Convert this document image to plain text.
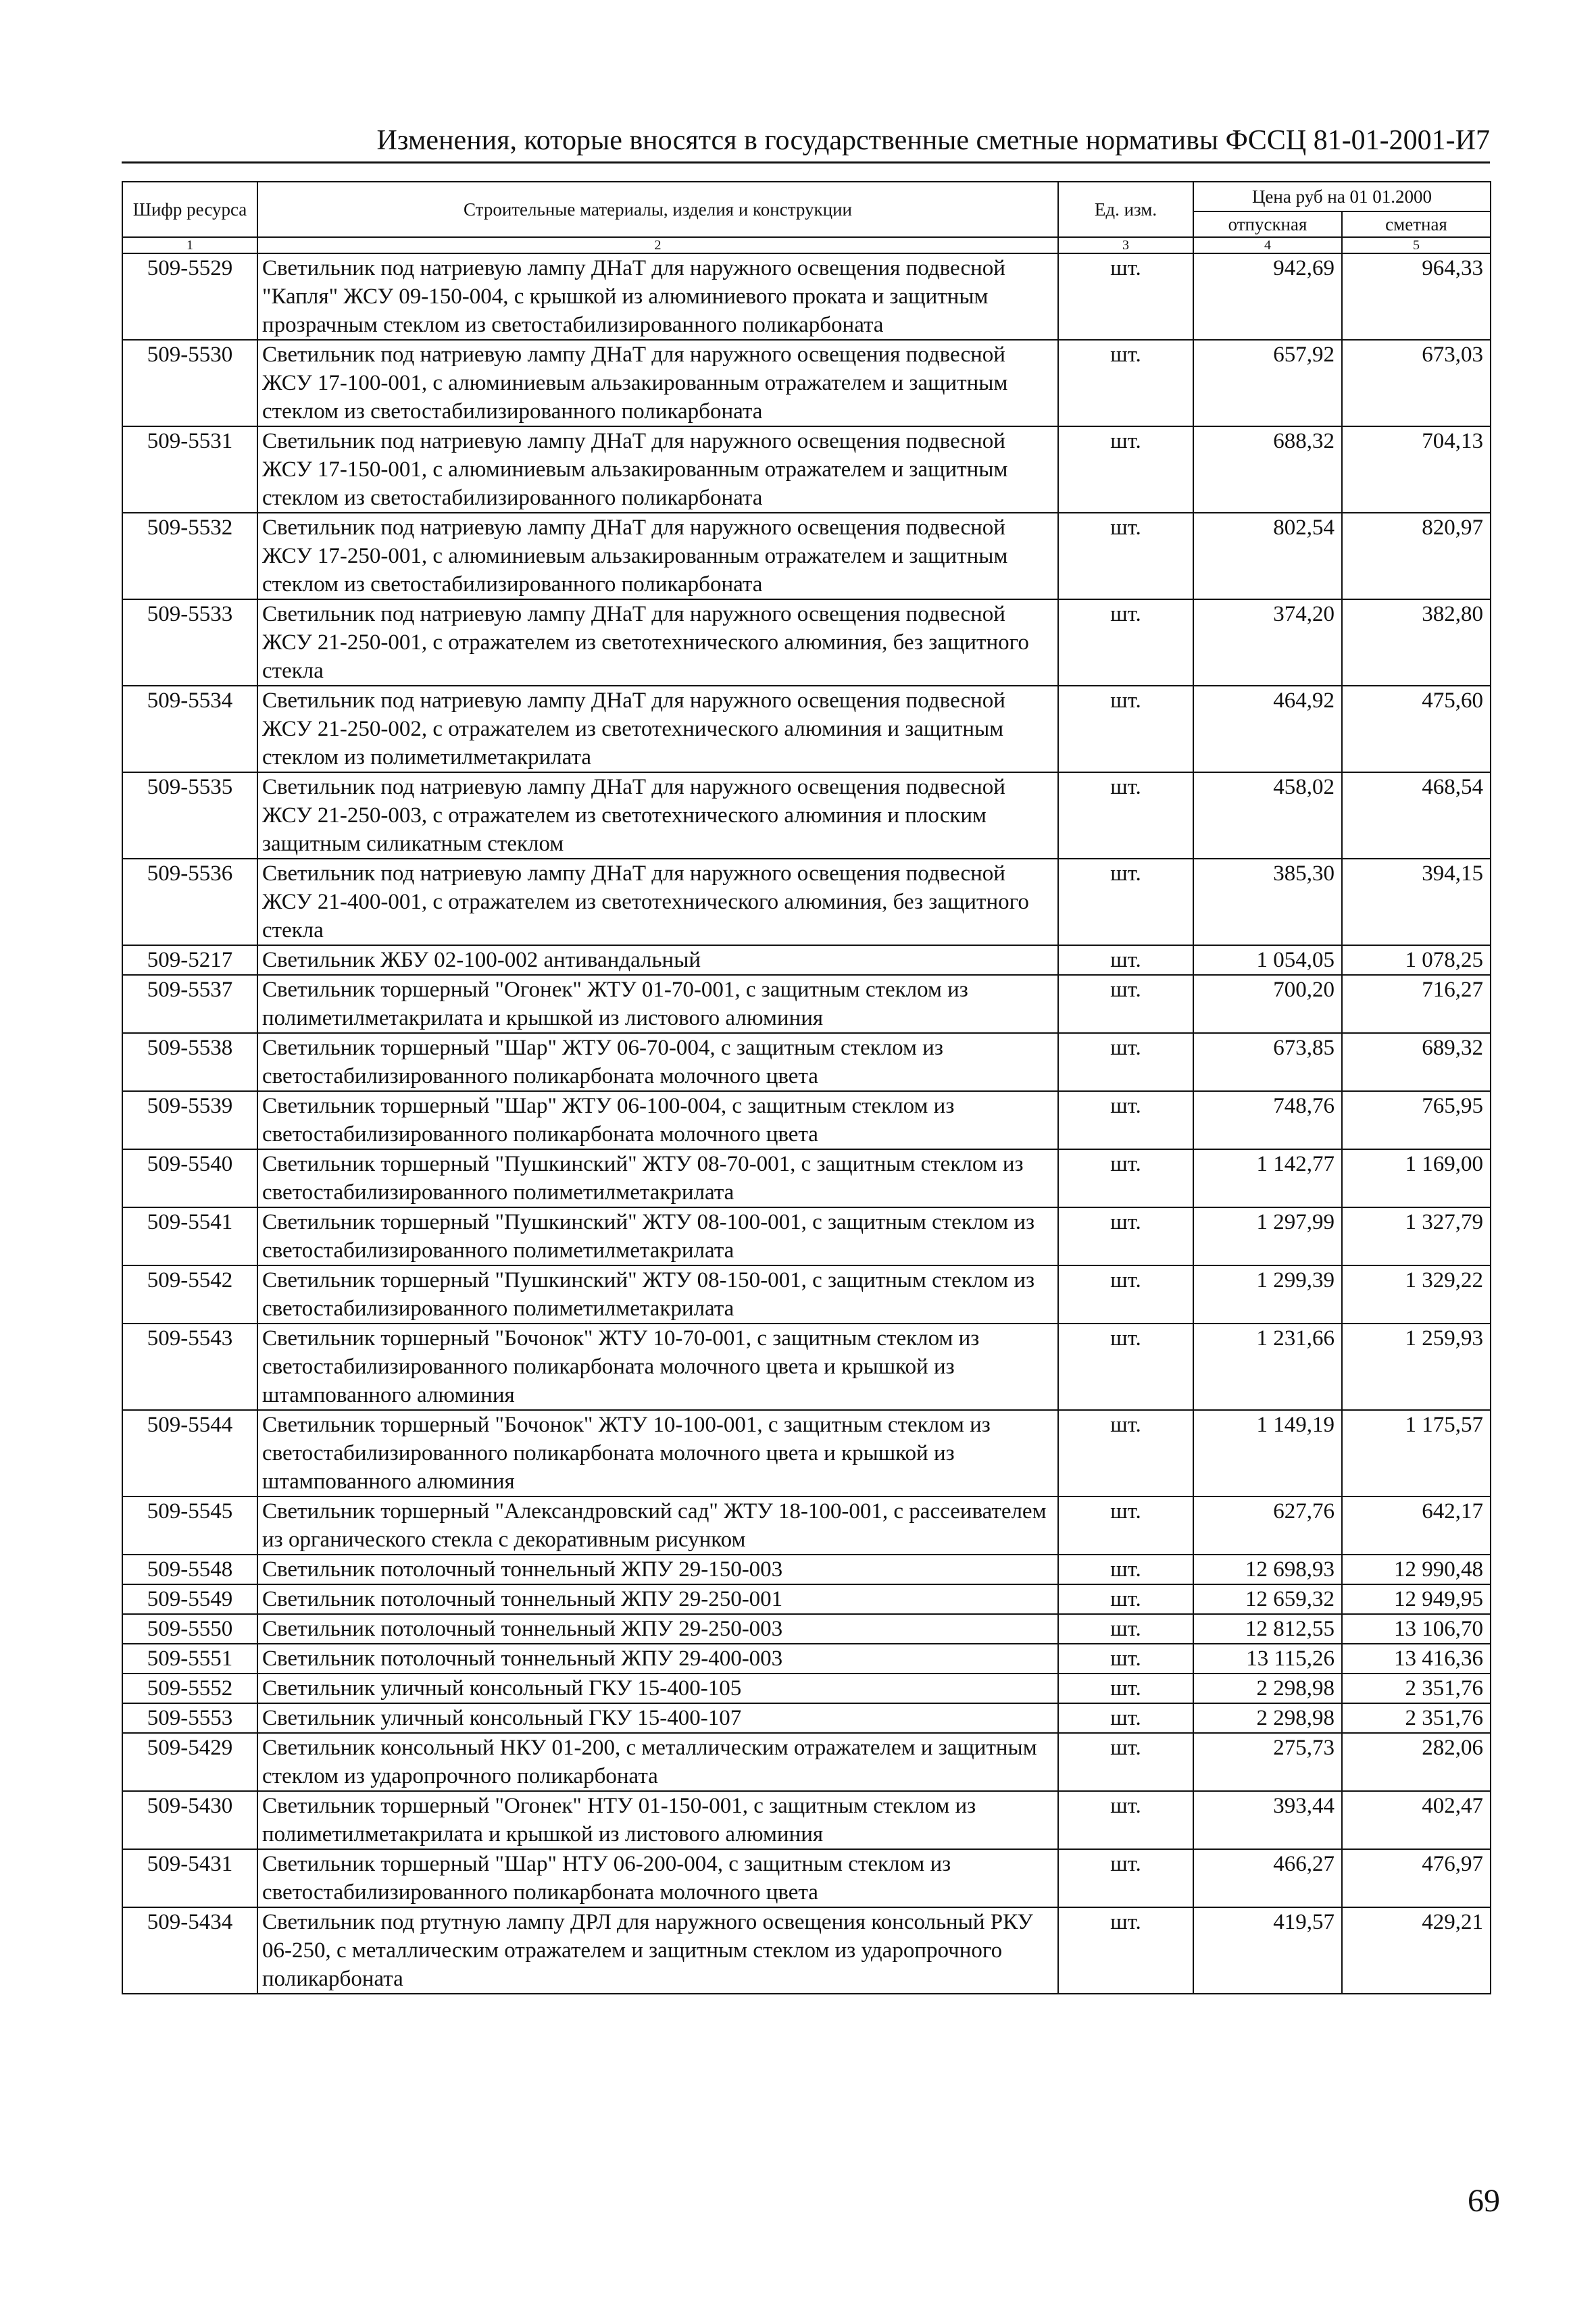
Изменения, которые вносятся в государственные сметные нормативы ФССЦ 81-01-2001-И7
Шифр ресурса	Строительные материалы, изделия и конструкции	Ед. изм.	Цена руб на 01 01.2000	
			отпускная	сметная
1	2	3	4	5
509-5529	Светильник под натриевую лампу ДНаТ для наружного освещения подвесной "Капля" ЖСУ 09-150-004, с крышкой из алюминиевого проката и защитным прозрачным стеклом из светостабилизированного поликарбоната	шт.	942,69	964,33
509-5530	Светильник под натриевую лампу ДНаТ для наружного освещения подвесной ЖСУ 17-100-001, с алюминиевым альзакированным отражателем и защитным стеклом из светостабилизированного поликарбоната	шт.	657,92	673,03
509-5531	Светильник под натриевую лампу ДНаТ для наружного освещения подвесной ЖСУ 17-150-001, с алюминиевым альзакированным отражателем и защитным стеклом из светостабилизированного поликарбоната	шт.	688,32	704,13
509-5532	Светильник под натриевую лампу ДНаТ для наружного освещения подвесной ЖСУ 17-250-001, с алюминиевым альзакированным отражателем и защитным стеклом из светостабилизированного поликарбоната	шт.	802,54	820,97
509-5533	Светильник под натриевую лампу ДНаТ для наружного освещения подвесной ЖСУ 21-250-001, с отражателем из светотехнического алюминия, без защитного стекла	шт.	374,20	382,80
509-5534	Светильник под натриевую лампу ДНаТ для наружного освещения подвесной ЖСУ 21-250-002, с отражателем из светотехнического алюминия и защитным стеклом из полиметилметакрилата	шт.	464,92	475,60
509-5535	Светильник под натриевую лампу ДНаТ для наружного освещения подвесной ЖСУ 21-250-003, с отражателем из светотехнического алюминия и плоским защитным силикатным стеклом	шт.	458,02	468,54
509-5536	Светильник под натриевую лампу ДНаТ для наружного освещения подвесной ЖСУ 21-400-001, с отражателем из светотехнического алюминия, без защитного стекла	шт.	385,30	394,15
509-5217	Светильник ЖБУ 02-100-002 антивандальный	шт.	1 054,05	1 078,25
509-5537	Светильник торшерный "Огонек" ЖТУ 01-70-001, с защитным стеклом из полиметилметакрилата и крышкой из листового алюминия	шт.	700,20	716,27
509-5538	Светильник торшерный "Шар" ЖТУ 06-70-004, с защитным стеклом из светостабилизированного поликарбоната молочного цвета	шт.	673,85	689,32
509-5539	Светильник торшерный "Шар" ЖТУ 06-100-004, с защитным стеклом из светостабилизированного поликарбоната молочного цвета	шт.	748,76	765,95
509-5540	Светильник торшерный "Пушкинский" ЖТУ 08-70-001, с защитным стеклом из светостабилизированного полиметилметакрилата	шт.	1 142,77	1 169,00
509-5541	Светильник торшерный "Пушкинский" ЖТУ 08-100-001, с защитным стеклом из светостабилизированного полиметилметакрилата	шт.	1 297,99	1 327,79
509-5542	Светильник торшерный "Пушкинский" ЖТУ 08-150-001, с защитным стеклом из светостабилизированного полиметилметакрилата	шт.	1 299,39	1 329,22
509-5543	Светильник торшерный "Бочонок" ЖТУ 10-70-001, с защитным стеклом из светостабилизированного поликарбоната молочного цвета и крышкой из штампованного алюминия	шт.	1 231,66	1 259,93
509-5544	Светильник торшерный "Бочонок" ЖТУ 10-100-001, с защитным стеклом из светостабилизированного поликарбоната молочного цвета и крышкой из штампованного алюминия	шт.	1 149,19	1 175,57
509-5545	Светильник торшерный "Александровский сад" ЖТУ 18-100-001, с рассеивателем из органического стекла с декоративным рисунком	шт.	627,76	642,17
509-5548	Светильник потолочный тоннельный ЖПУ 29-150-003	шт.	12 698,93	12 990,48
509-5549	Светильник потолочный тоннельный ЖПУ 29-250-001	шт.	12 659,32	12 949,95
509-5550	Светильник потолочный тоннельный ЖПУ 29-250-003	шт.	12 812,55	13 106,70
509-5551	Светильник потолочный тоннельный ЖПУ 29-400-003	шт.	13 115,26	13 416,36
509-5552	Светильник уличный консольный ГКУ 15-400-105	шт.	2 298,98	2 351,76
509-5553	Светильник уличный консольный ГКУ 15-400-107	шт.	2 298,98	2 351,76
509-5429	Светильник консольный НКУ 01-200, с металлическим отражателем и защитным стеклом из ударопрочного поликарбоната	шт.	275,73	282,06
509-5430	Светильник торшерный "Огонек" НТУ 01-150-001, с защитным стеклом из полиметилметакрилата и крышкой из листового алюминия	шт.	393,44	402,47
509-5431	Светильник торшерный "Шар" НТУ 06-200-004, с защитным стеклом из светостабилизированного поликарбоната молочного цвета	шт.	466,27	476,97
509-5434	Светильник под ртутную лампу ДРЛ для наружного освещения консольный РКУ 06-250, с металлическим отражателем и защитным стеклом из ударопрочного поликарбоната	шт.	419,57	429,21
69
